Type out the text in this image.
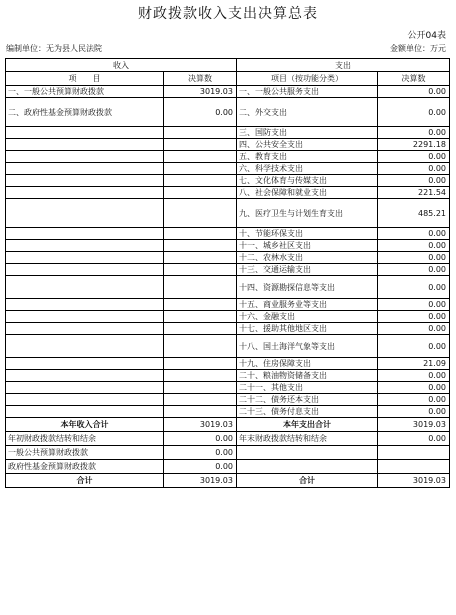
财政拨款收入支出决算总表
公开04表
编制单位：无为县人民法院	金额单位：万元
收入		支出	
项　　目	决算数	项目（按功能分类）	决算数
一、一般公共预算财政拨款	3019.03	一、一般公共服务支出	0.00
二、政府性基金预算财政拨款	0.00	二、外交支出	0.00
		三、国防支出	0.00
		四、公共安全支出	2291.18
		五、教育支出	0.00
		六、科学技术支出	0.00
		七、文化体育与传媒支出	0.00
		八、社会保障和就业支出	221.54
		九、医疗卫生与计划生育支出	485.21
		十、节能环保支出	0.00
		十一、城乡社区支出	0.00
		十二、农林水支出	0.00
		十三、交通运输支出	0.00
		十四、资源勘探信息等支出	0.00
		十五、商业服务业等支出	0.00
		十六、金融支出	0.00
		十七、援助其他地区支出	0.00
		十八、国土海洋气象等支出	0.00
		十九、住房保障支出	21.09
		二十、粮油物资储备支出	0.00
		二十一、其他支出	0.00
		二十二、债务还本支出	0.00
		二十三、债务付息支出	0.00
本年收入合计	3019.03	本年支出合计	3019.03
年初财政拨款结转和结余	0.00	年末财政拨款结转和结余	0.00
一般公共预算财政拨款	0.00		
政府性基金预算财政拨款	0.00		
合计	3019.03	合计	3019.03
